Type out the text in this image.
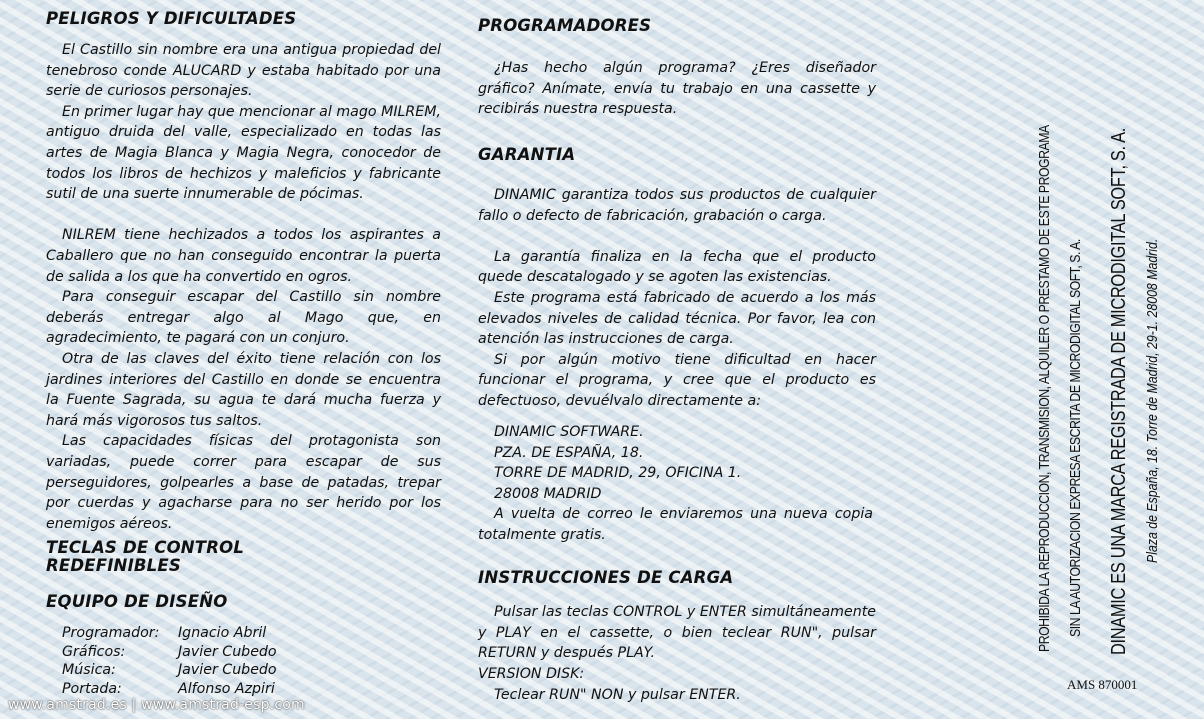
PELIGROS Y DIFICULTADES

El Castillo sin nombre era una antigua propiedad del tenebroso conde ALUCARD y estaba habitado por una serie de curiosos personajes.

En primer lugar hay que mencionar al mago MILREM, antiguo druida del valle, especializado en todas las artes de Magia Blanca y Magia Negra, conocedor de todos los libros de hechizos y maleficios y fabricante sutil de una suerte innumerable de pócimas.

NILREM tiene hechizados a todos los aspirantes a Caballero que no han conseguido encontrar la puerta de salida a los que ha convertido en ogros.

Para conseguir escapar del Castillo sin nombre deberás entregar algo al Mago que, en agradecimiento, te pagará con un conjuro.

Otra de las claves del éxito tiene relación con los jardines interiores del Castillo en donde se encuentra la Fuente Sagrada, su agua te dará mucha fuerza y hará más vigorosos tus saltos.

Las capacidades físicas del protagonista son variadas, puede correr para escapar de sus perseguidores, golpearles a base de patadas, trepar por cuerdas y agacharse para no ser herido por los enemigos aéreos.

TECLAS DE CONTROL
REDEFINIBLES
EQUIPO DE DISEÑO
Programador:	Ignacio Abril
Gráficos:	Javier Cubedo
Música:	Javier Cubedo
Portada:	Alfonso Azpiri
PROGRAMADORES

¿Has hecho algún programa? ¿Eres diseñador gráfico? Anímate, envía tu trabajo en una cassette y recibirás nuestra respuesta.

GARANTIA

DINAMIC garantiza todos sus productos de cualquier fallo o defecto de fabricación, grabación o carga.

La garantía finaliza en la fecha que el producto quede descatalogado y se agoten las existencias.

Este programa está fabricado de acuerdo a los más elevados niveles de calidad técnica. Por favor, lea con atención las instrucciones de carga.

Si por algún motivo tiene dificultad en hacer funcionar el programa, y cree que el producto es defectuoso, devuélvalo directamente a:

DINAMIC SOFTWARE.

PZA. DE ESPAÑA, 18.

TORRE DE MADRID, 29, OFICINA 1.

28008 MADRID

A vuelta de correo le enviaremos una nueva copia totalmente gratis.

INSTRUCCIONES DE CARGA

Pulsar las teclas CONTROL y ENTER simultáneamente y PLAY en el cassette, o bien teclear RUN", pulsar RETURN y después PLAY.

VERSION DISK:

Teclear RUN" NON y pulsar ENTER.

PROHIBIDA LA REPRODUCCION, TRANSMISION, ALQUILER O PRESTAMO DE ESTE PROGRAMA SIN LA AUTORIZACION EXPRESA ESCRITA DE MICRODIGITAL SOFT, S. A. DINAMIC ES UNA MARCA REGISTRADA DE MICRODIGITAL SOFT, S. A. Plaza de España, 18. Torre de Madrid, 29-1. 28008 Madrid.
AMS 870001
www.amstrad.es | www.amstrad-esp.com
